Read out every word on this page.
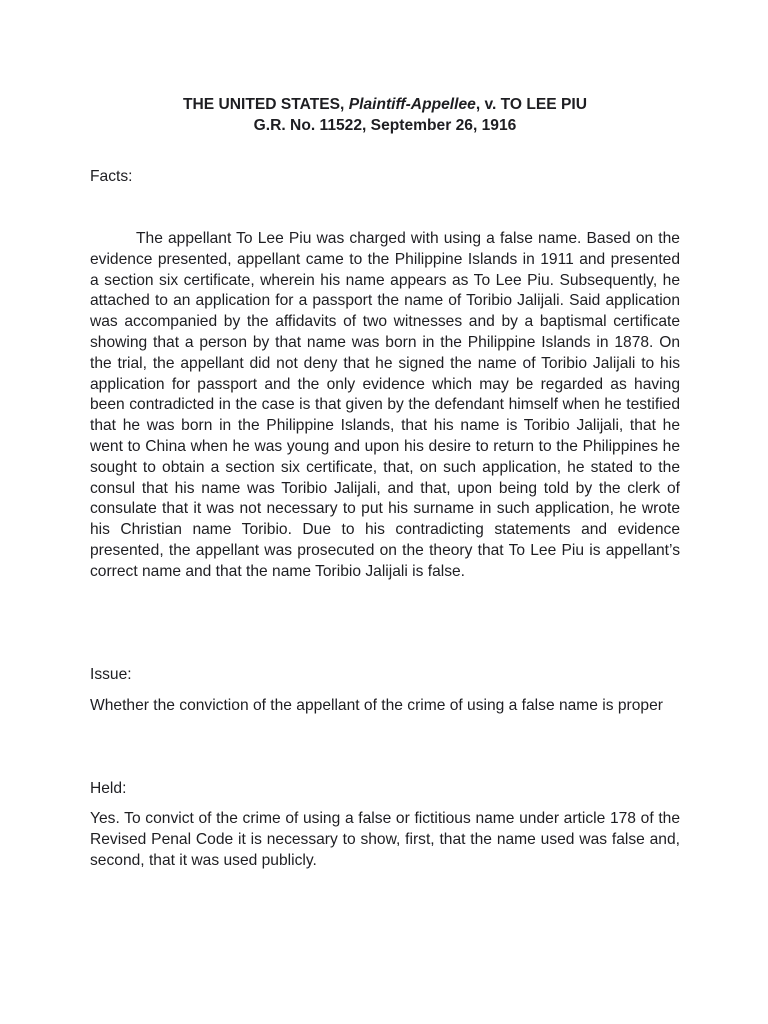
THE UNITED STATES, Plaintiff-Appellee, v. TO LEE PIU
G.R. No. 11522, September 26, 1916
Facts:
The appellant To Lee Piu was charged with using a false name. Based on the evidence presented, appellant came to the Philippine Islands in 1911 and presented a section six certificate, wherein his name appears as To Lee Piu. Subsequently, he attached to an application for a passport the name of Toribio Jalijali. Said application was accompanied by the affidavits of two witnesses and by a baptismal certificate showing that a person by that name was born in the Philippine Islands in 1878. On the trial, the appellant did not deny that he signed the name of Toribio Jalijali to his application for passport and the only evidence which may be regarded as having been contradicted in the case is that given by the defendant himself when he testified that he was born in the Philippine Islands, that his name is Toribio Jalijali, that he went to China when he was young and upon his desire to return to the Philippines he sought to obtain a section six certificate, that, on such application, he stated to the consul that his name was Toribio Jalijali, and that, upon being told by the clerk of consulate that it was not necessary to put his surname in such application, he wrote his Christian name Toribio. Due to his contradicting statements and evidence presented, the appellant was prosecuted on the theory that To Lee Piu is appellant’s correct name and that the name Toribio Jalijali is false.
Issue:
Whether the conviction of the appellant of the crime of using a false name is proper
Held:
Yes. To convict of the crime of using a false or fictitious name under article 178 of the Revised Penal Code it is necessary to show, first, that the name used was false and, second, that it was used publicly.
